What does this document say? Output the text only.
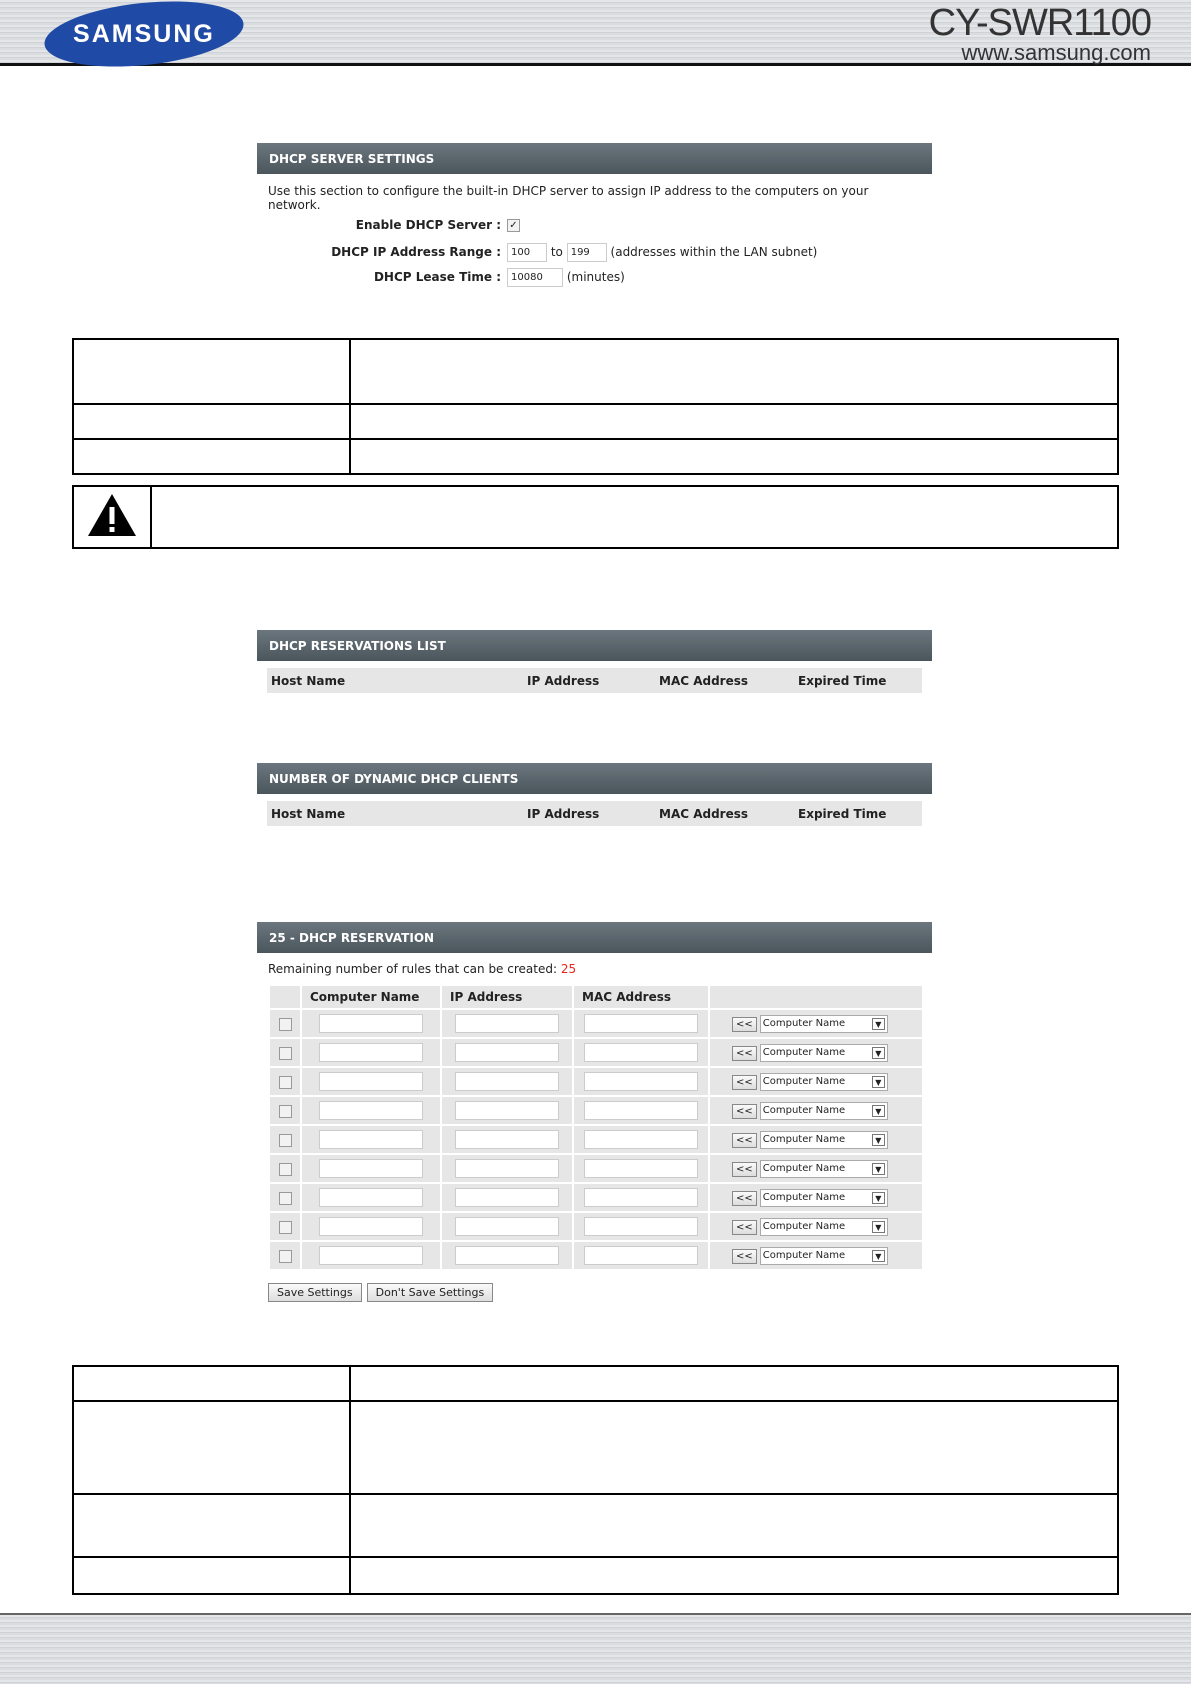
SAMSUNG	CY-SWR1100
www.samsung.com
DHCP SERVER SETTINGS
Use this section to configure the built-in DHCP server to assign IP address to the computers on your network.
Enable DHCP Server : ✓
DHCP IP Address Range : 100 to 199 (addresses within the LAN subnet)
DHCP Lease Time : 10080 (minutes)

DHCP RESERVATIONS LIST
Host Name	IP Address	MAC Address	Expired Time
NUMBER OF DYNAMIC DHCP CLIENTS
Host Name	IP Address	MAC Address	Expired Time
25 - DHCP RESERVATION
Remaining number of rules that can be created: 25
	Computer Name	IP Address	MAC Address	
				<< Computer Name ▼

				<< Computer Name ▼

				<< Computer Name ▼

				<< Computer Name ▼

				<< Computer Name ▼

				<< Computer Name ▼

				<< Computer Name ▼

				<< Computer Name ▼

				<< Computer Name ▼
Save Settings Don't Save Settings
